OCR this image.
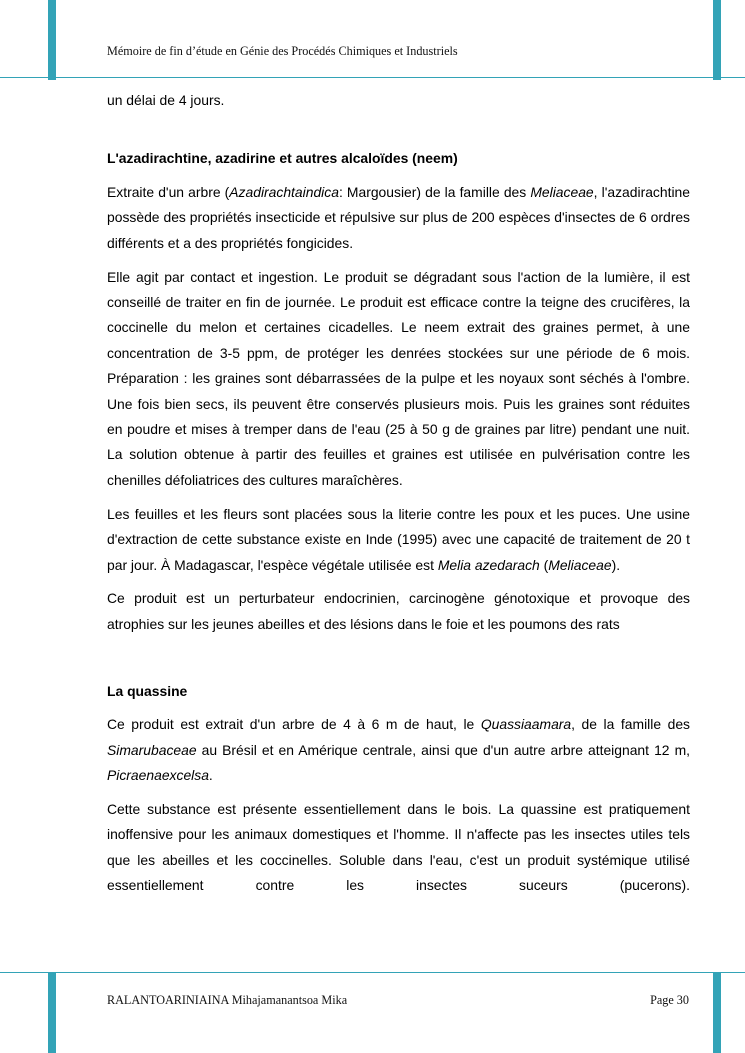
Mémoire de fin d’étude en Génie des Procédés Chimiques et Industriels

un délai de 4 jours.

L'azadirachtine, azadirine et autres alcaloïdes (neem)

Extraite d'un arbre (Azadirachtaindica: Margousier) de la famille des Meliaceae, l'azadirachtine possède des propriétés insecticide et répulsive sur plus de 200 espèces d'insectes de 6 ordres différents et a des propriétés fongicides.

Elle agit par contact et ingestion. Le produit se dégradant sous l'action de la lumière, il est conseillé de traiter en fin de journée. Le produit est efficace contre la teigne des crucifères, la coccinelle du melon et certaines cicadelles. Le neem extrait des graines permet, à une concentration de 3-5 ppm, de protéger les denrées stockées sur une période de 6 mois. Préparation : les graines sont débarrassées de la pulpe et les noyaux sont séchés à l'ombre. Une fois bien secs, ils peuvent être conservés plusieurs mois. Puis les graines sont réduites en poudre et mises à tremper dans de l'eau (25 à 50 g de graines par litre) pendant une nuit. La solution obtenue à partir des feuilles et graines est utilisée en pulvérisation contre les chenilles défoliatrices des cultures maraîchères.

Les feuilles et les fleurs sont placées sous la literie contre les poux et les puces. Une usine d'extraction de cette substance existe en Inde (1995) avec une capacité de traitement de 20 t par jour. À Madagascar, l'espèce végétale utilisée est Melia azedarach (Meliaceae).

Ce produit est un perturbateur endocrinien, carcinogène génotoxique et provoque des atrophies sur les jeunes abeilles et des lésions dans le foie et les poumons des rats

La quassine

Ce produit est extrait d'un arbre de 4 à 6 m de haut, le Quassiaamara, de la famille des Simarubaceae au Brésil et en Amérique centrale, ainsi que d'un autre arbre atteignant 12 m, Picraenaexcelsa.

Cette substance est présente essentiellement dans le bois. La quassine est pratiquement inoffensive pour les animaux domestiques et l'homme. Il n'affecte pas les insectes utiles tels que les abeilles et les coccinelles. Soluble dans l'eau, c'est un produit systémique utilisé essentiellement contre les insectes suceurs (pucerons).

RALANTOARINIAINA Mihajamanantsoa Mika	Page 30
